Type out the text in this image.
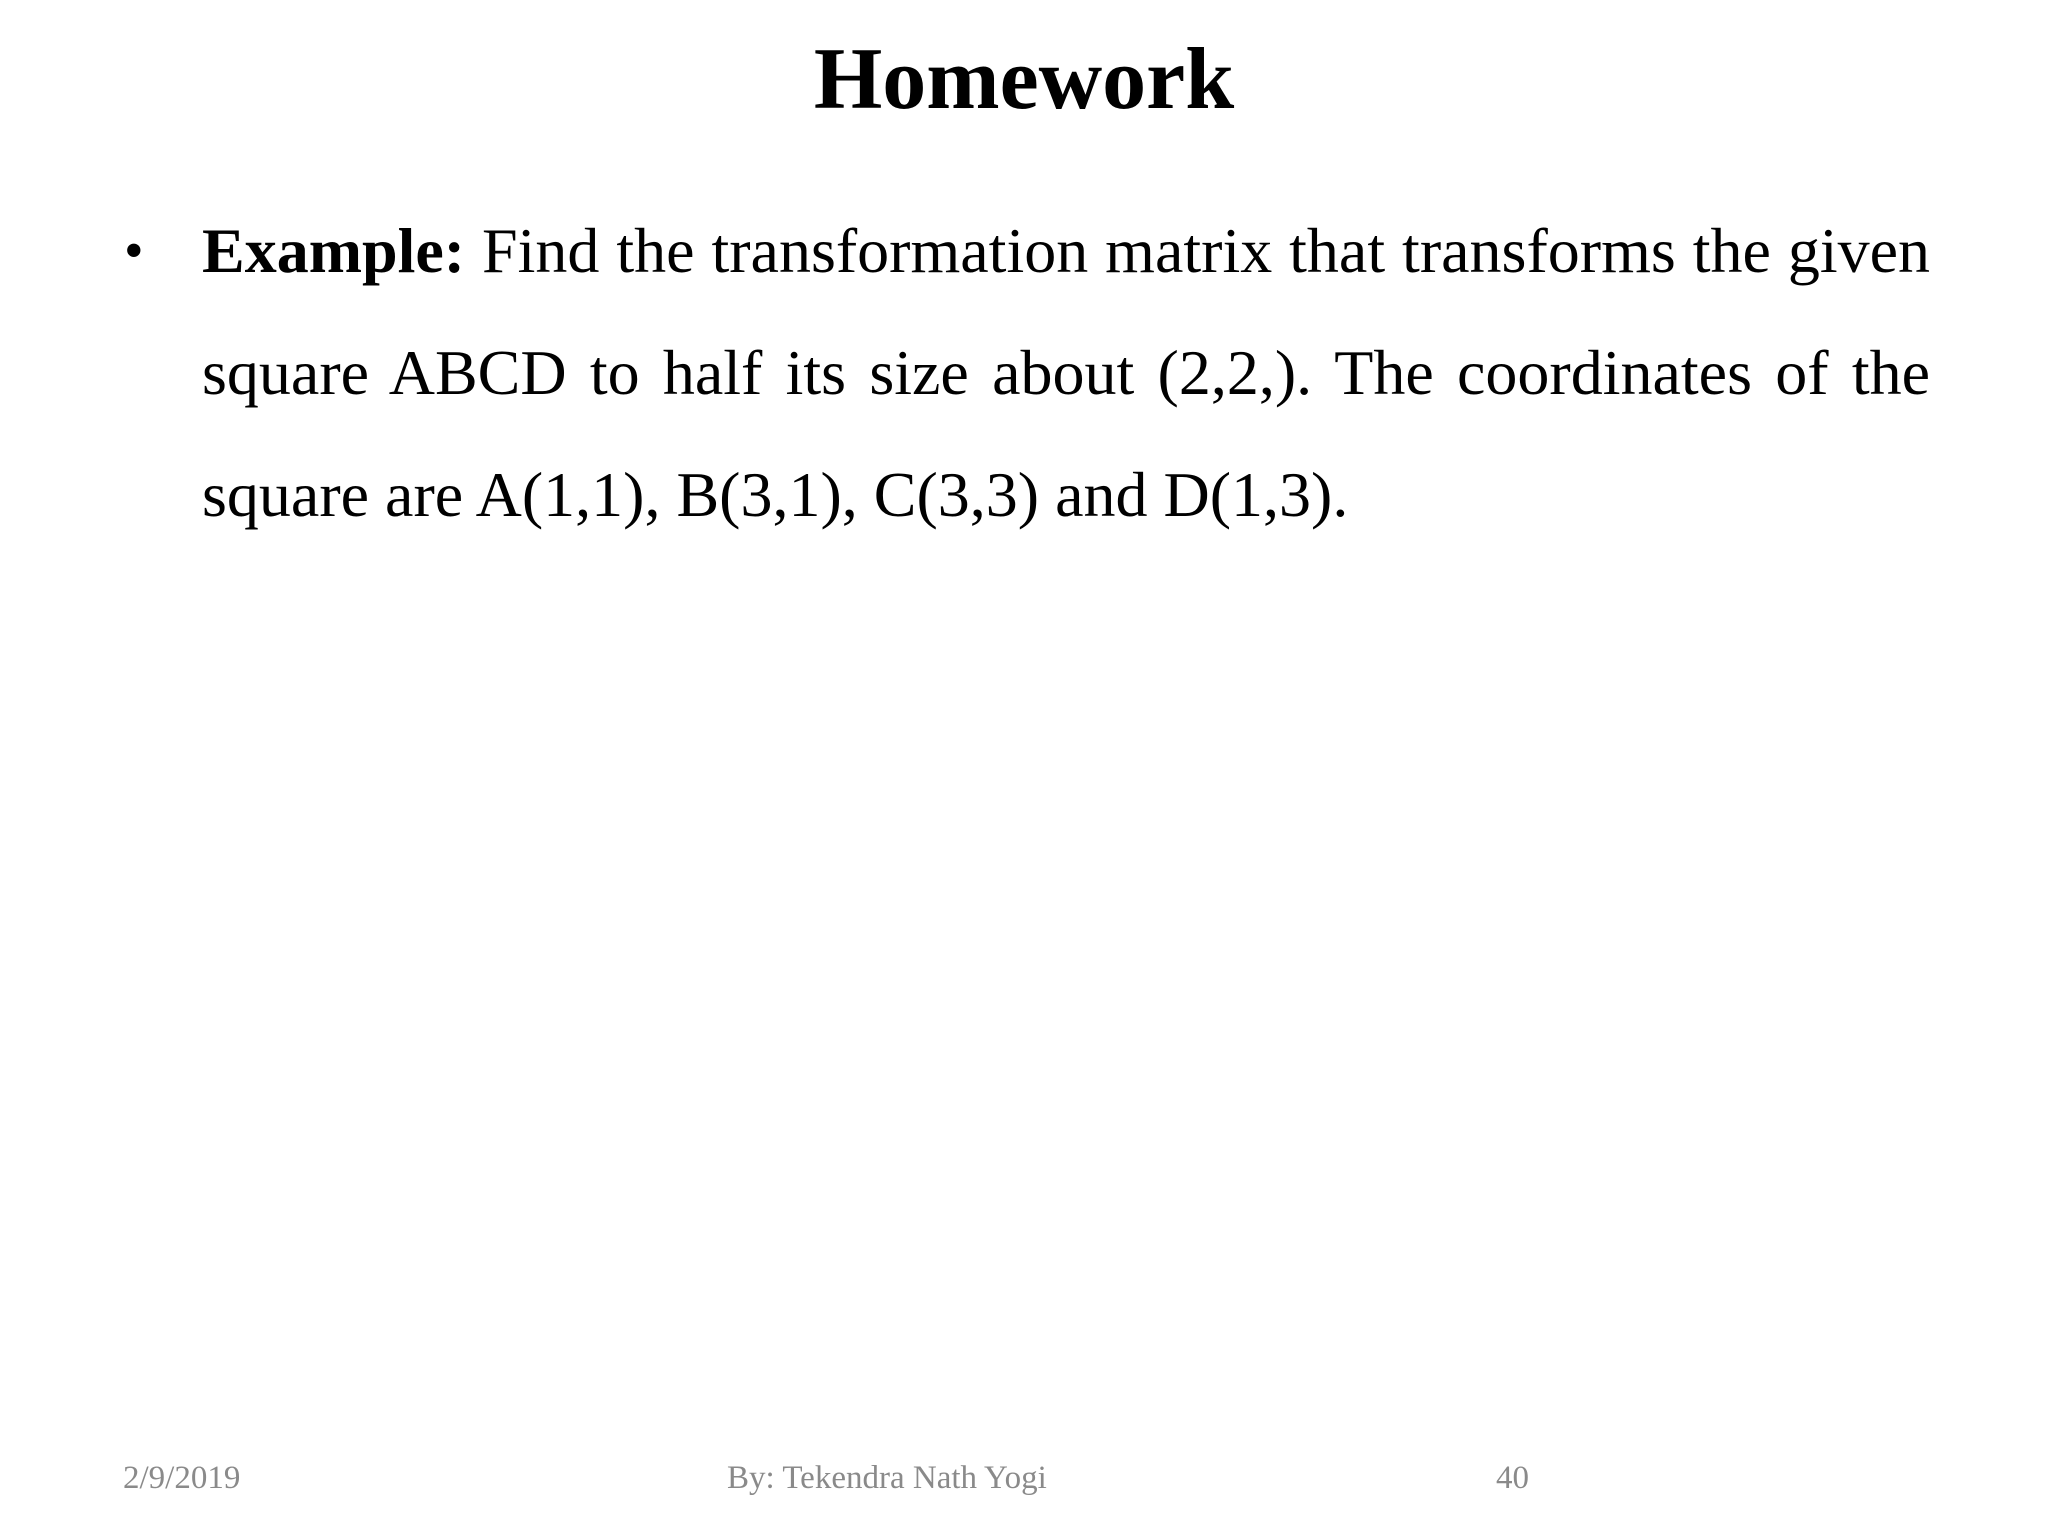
Homework
• Example: Find the transformation matrix that transforms the given square ABCD to half its size about (2,2,). The coordinates of the square are A(1,1), B(3,1), C(3,3) and D(1,3).
2/9/2019	By: Tekendra Nath Yogi	40
